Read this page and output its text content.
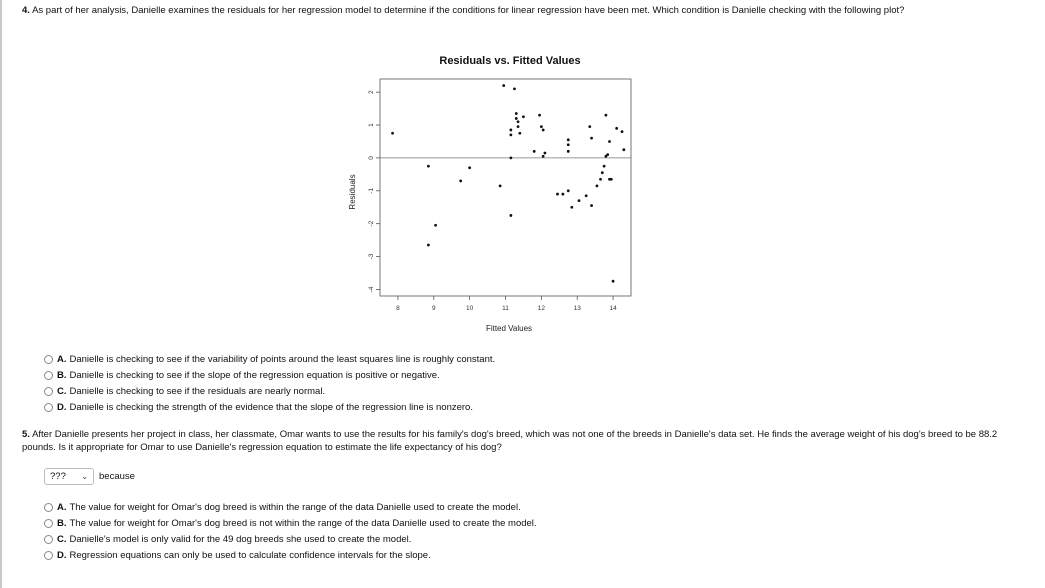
4. As part of her analysis, Danielle examines the residuals for her regression model to determine if the conditions for linear regression have been met. Which condition is Danielle checking with the following plot?
Residuals vs. Fitted Values
-4
-3
-2
-1
0
1
2
8	9	10	11	12	13	14
Residuals
Fitted Values
A. Danielle is checking to see if the variability of points around the least squares line is roughly constant.
B. Danielle is checking to see if the slope of the regression equation is positive or negative.
C. Danielle is checking to see if the residuals are nearly normal.
D. Danielle is checking the strength of the evidence that the slope of the regression line is nonzero.
5. After Danielle presents her project in class, her classmate, Omar wants to use the results for his family's dog's breed, which was not one of the breeds in Danielle's data set. He finds the average weight of his dog's breed to be 88.2 pounds. Is it appropriate for Omar to use Danielle's regression equation to estimate the life expectancy of his dog?
??? ⌄ because
A. The value for weight for Omar's dog breed is within the range of the data Danielle used to create the model.
B. The value for weight for Omar's dog breed is not within the range of the data Danielle used to create the model.
C. Danielle's model is only valid for the 49 dog breeds she used to create the model.
D. Regression equations can only be used to calculate confidence intervals for the slope.
